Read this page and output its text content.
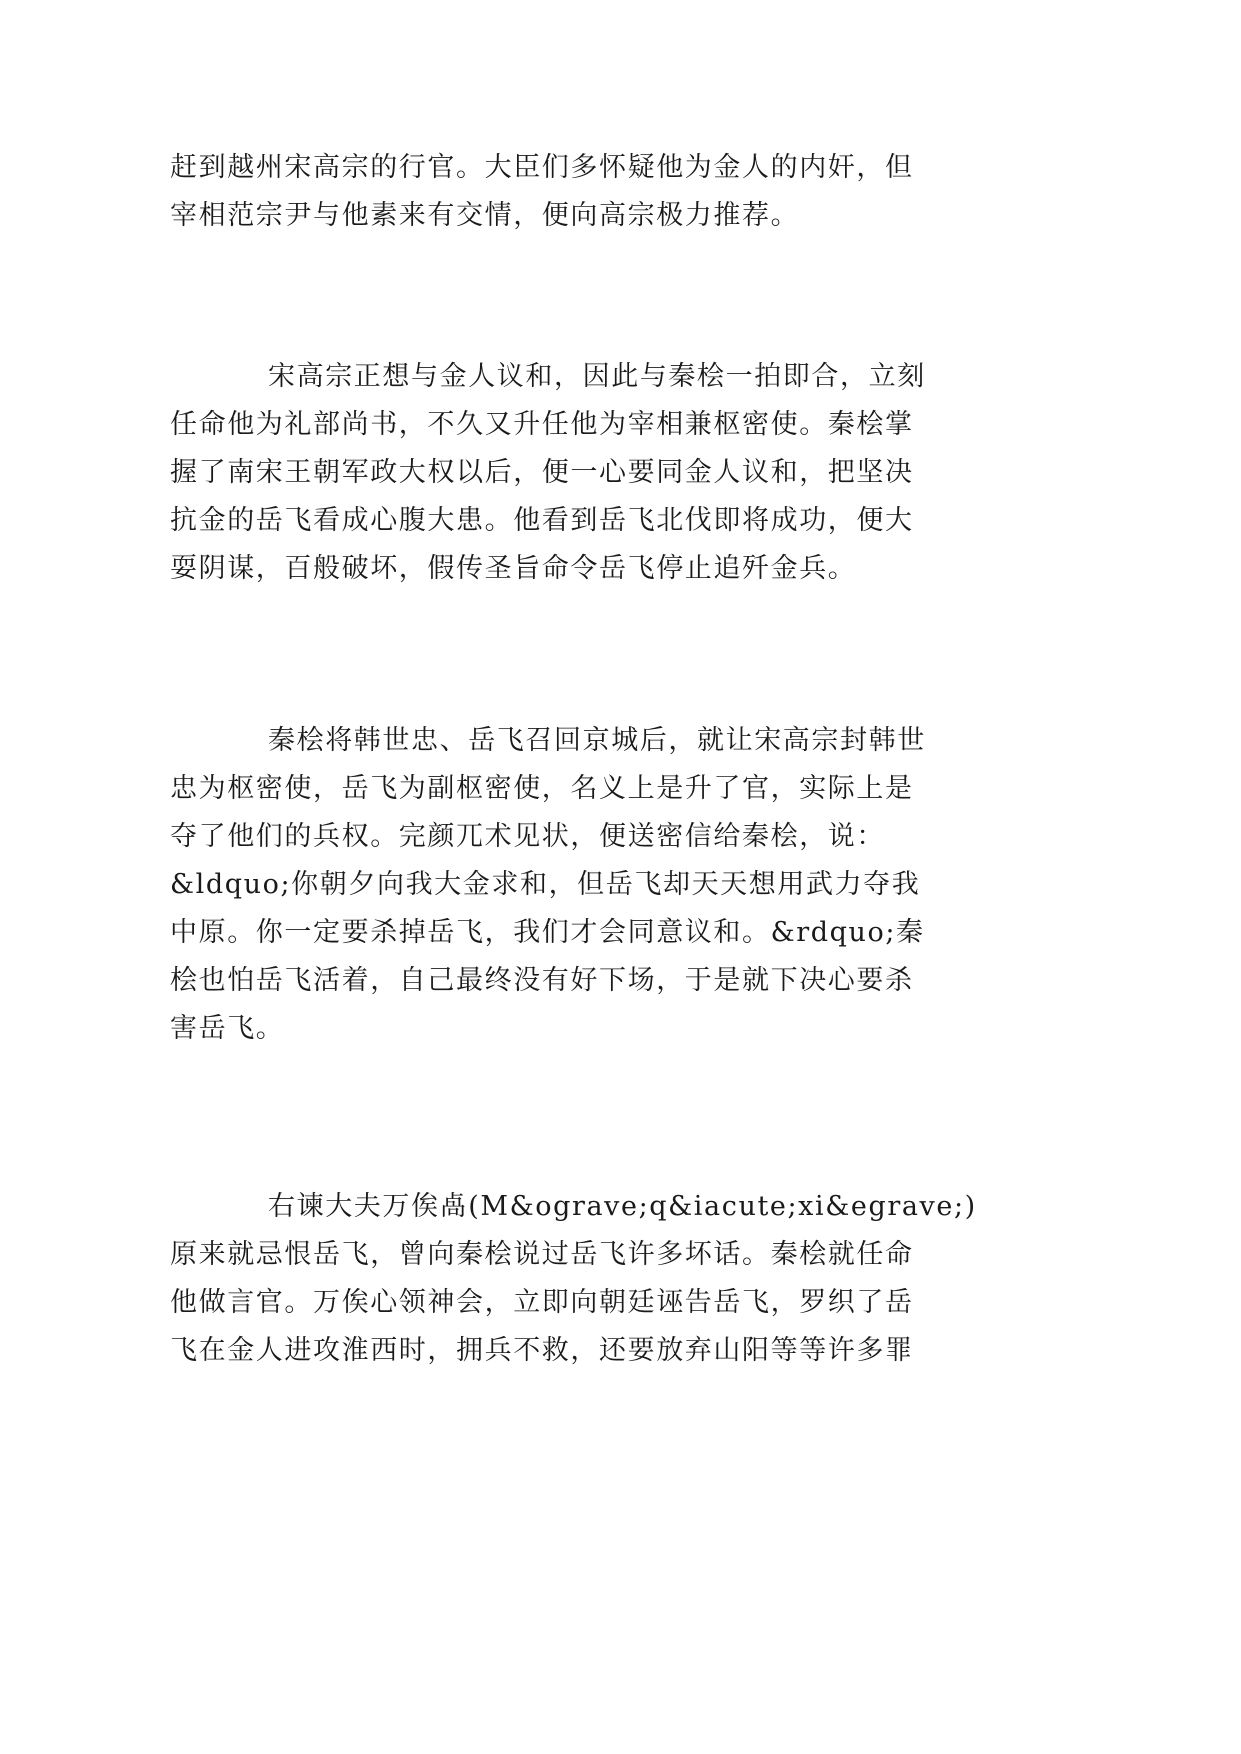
赶到越州宋高宗的行官。大臣们多怀疑他为金人的内奸，但
宰相范宗尹与他素来有交情，便向高宗极力推荐。
宋高宗正想与金人议和，因此与秦桧一拍即合，立刻
任命他为礼部尚书，不久又升任他为宰相兼枢密使。秦桧掌
握了南宋王朝军政大权以后，便一心要同金人议和，把坚决
抗金的岳飞看成心腹大患。他看到岳飞北伐即将成功，便大
耍阴谋，百般破坏，假传圣旨命令岳飞停止追歼金兵。
秦桧将韩世忠、岳飞召回京城后，就让宋高宗封韩世
忠为枢密使，岳飞为副枢密使，名义上是升了官，实际上是
夺了他们的兵权。完颜兀术见状，便送密信给秦桧，说：
&ldquo;你朝夕向我大金求和，但岳飞却天天想用武力夺我
中原。你一定要杀掉岳飞，我们才会同意议和。&rdquo;秦
桧也怕岳飞活着，自己最终没有好下场，于是就下决心要杀
害岳飞。
右谏大夫万俟卨(M&ograve;q&iacute;xi&egrave;)
原来就忌恨岳飞，曾向秦桧说过岳飞许多坏话。秦桧就任命
他做言官。万俟心领神会，立即向朝廷诬告岳飞，罗织了岳
飞在金人进攻淮西时，拥兵不救，还要放弃山阳等等许多罪
